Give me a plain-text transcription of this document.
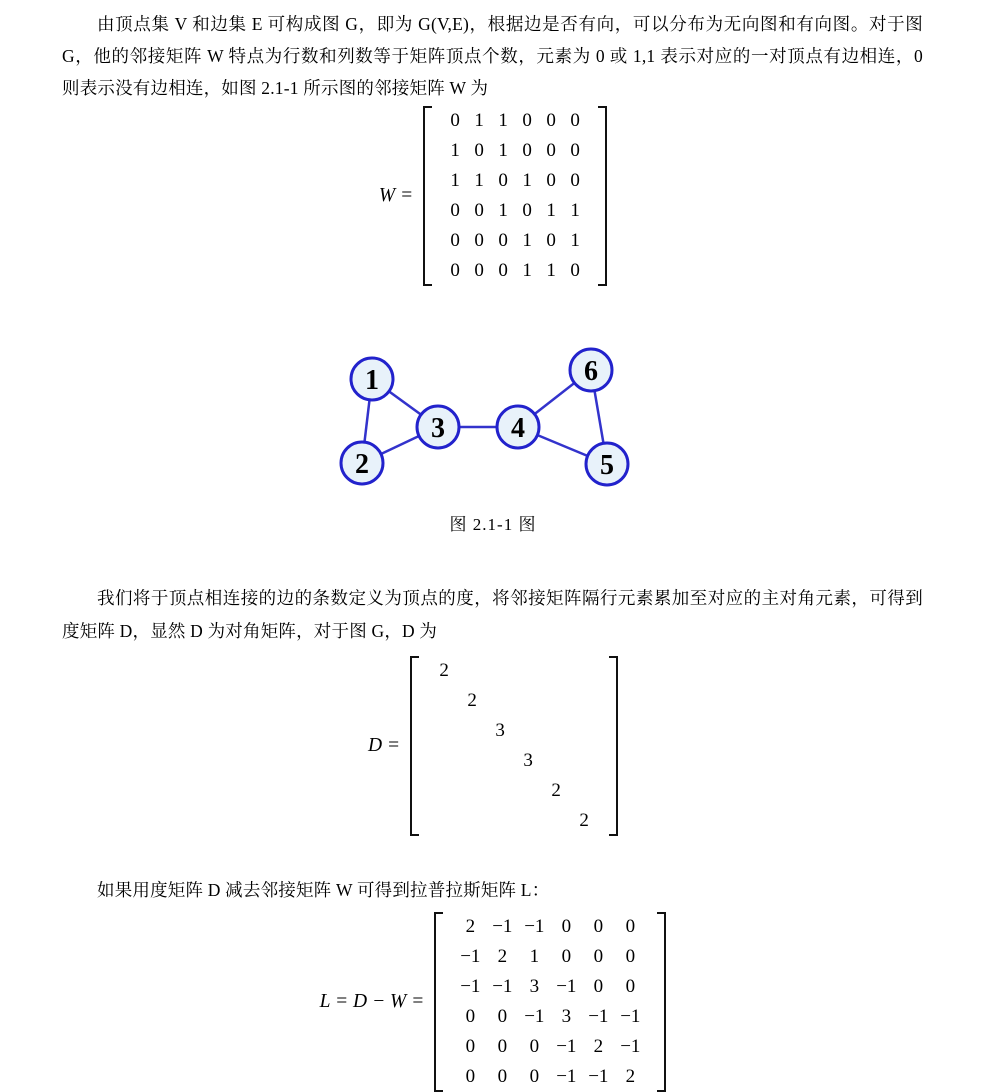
由顶点集 V 和边集 E 可构成图 G，即为 G(V,E)，根据边是否有向，可以分布为无向图和有向图。对于图 G，他的邻接矩阵 W 特点为行数和列数等于矩阵顶点个数，元素为 0 或 1,1 表示对应的一对顶点有边相连，0 则表示没有边相连，如图 2.1-1 所示图的邻接矩阵 W 为

W =
0 1 1 0 0 0
1 0 1 0 0 0
1 1 0 1 0 0
0 0 1 0 1 1
0 0 0 1 0 1
0 0 0 1 1 0
1
2
3 4
5
6
图 2.1-1 图

我们将于顶点相连接的边的条数定义为顶点的度，将邻接矩阵隔行元素累加至对应的主对角元素，可得到度矩阵 D，显然 D 为对角矩阵，对于图 G，D 为

D =
2
2
3
3
2
2

如果用度矩阵 D 减去邻接矩阵 W 可得到拉普拉斯矩阵 L：

L = D − W =
2 −1 −1 0 0 0
−1 2 1 0 0 0
−1 −1 3 −1 0 0
0 0 −1 3 −1 −1
0 0 0 −1 2 −1
0 0 0 −1 −1 2
